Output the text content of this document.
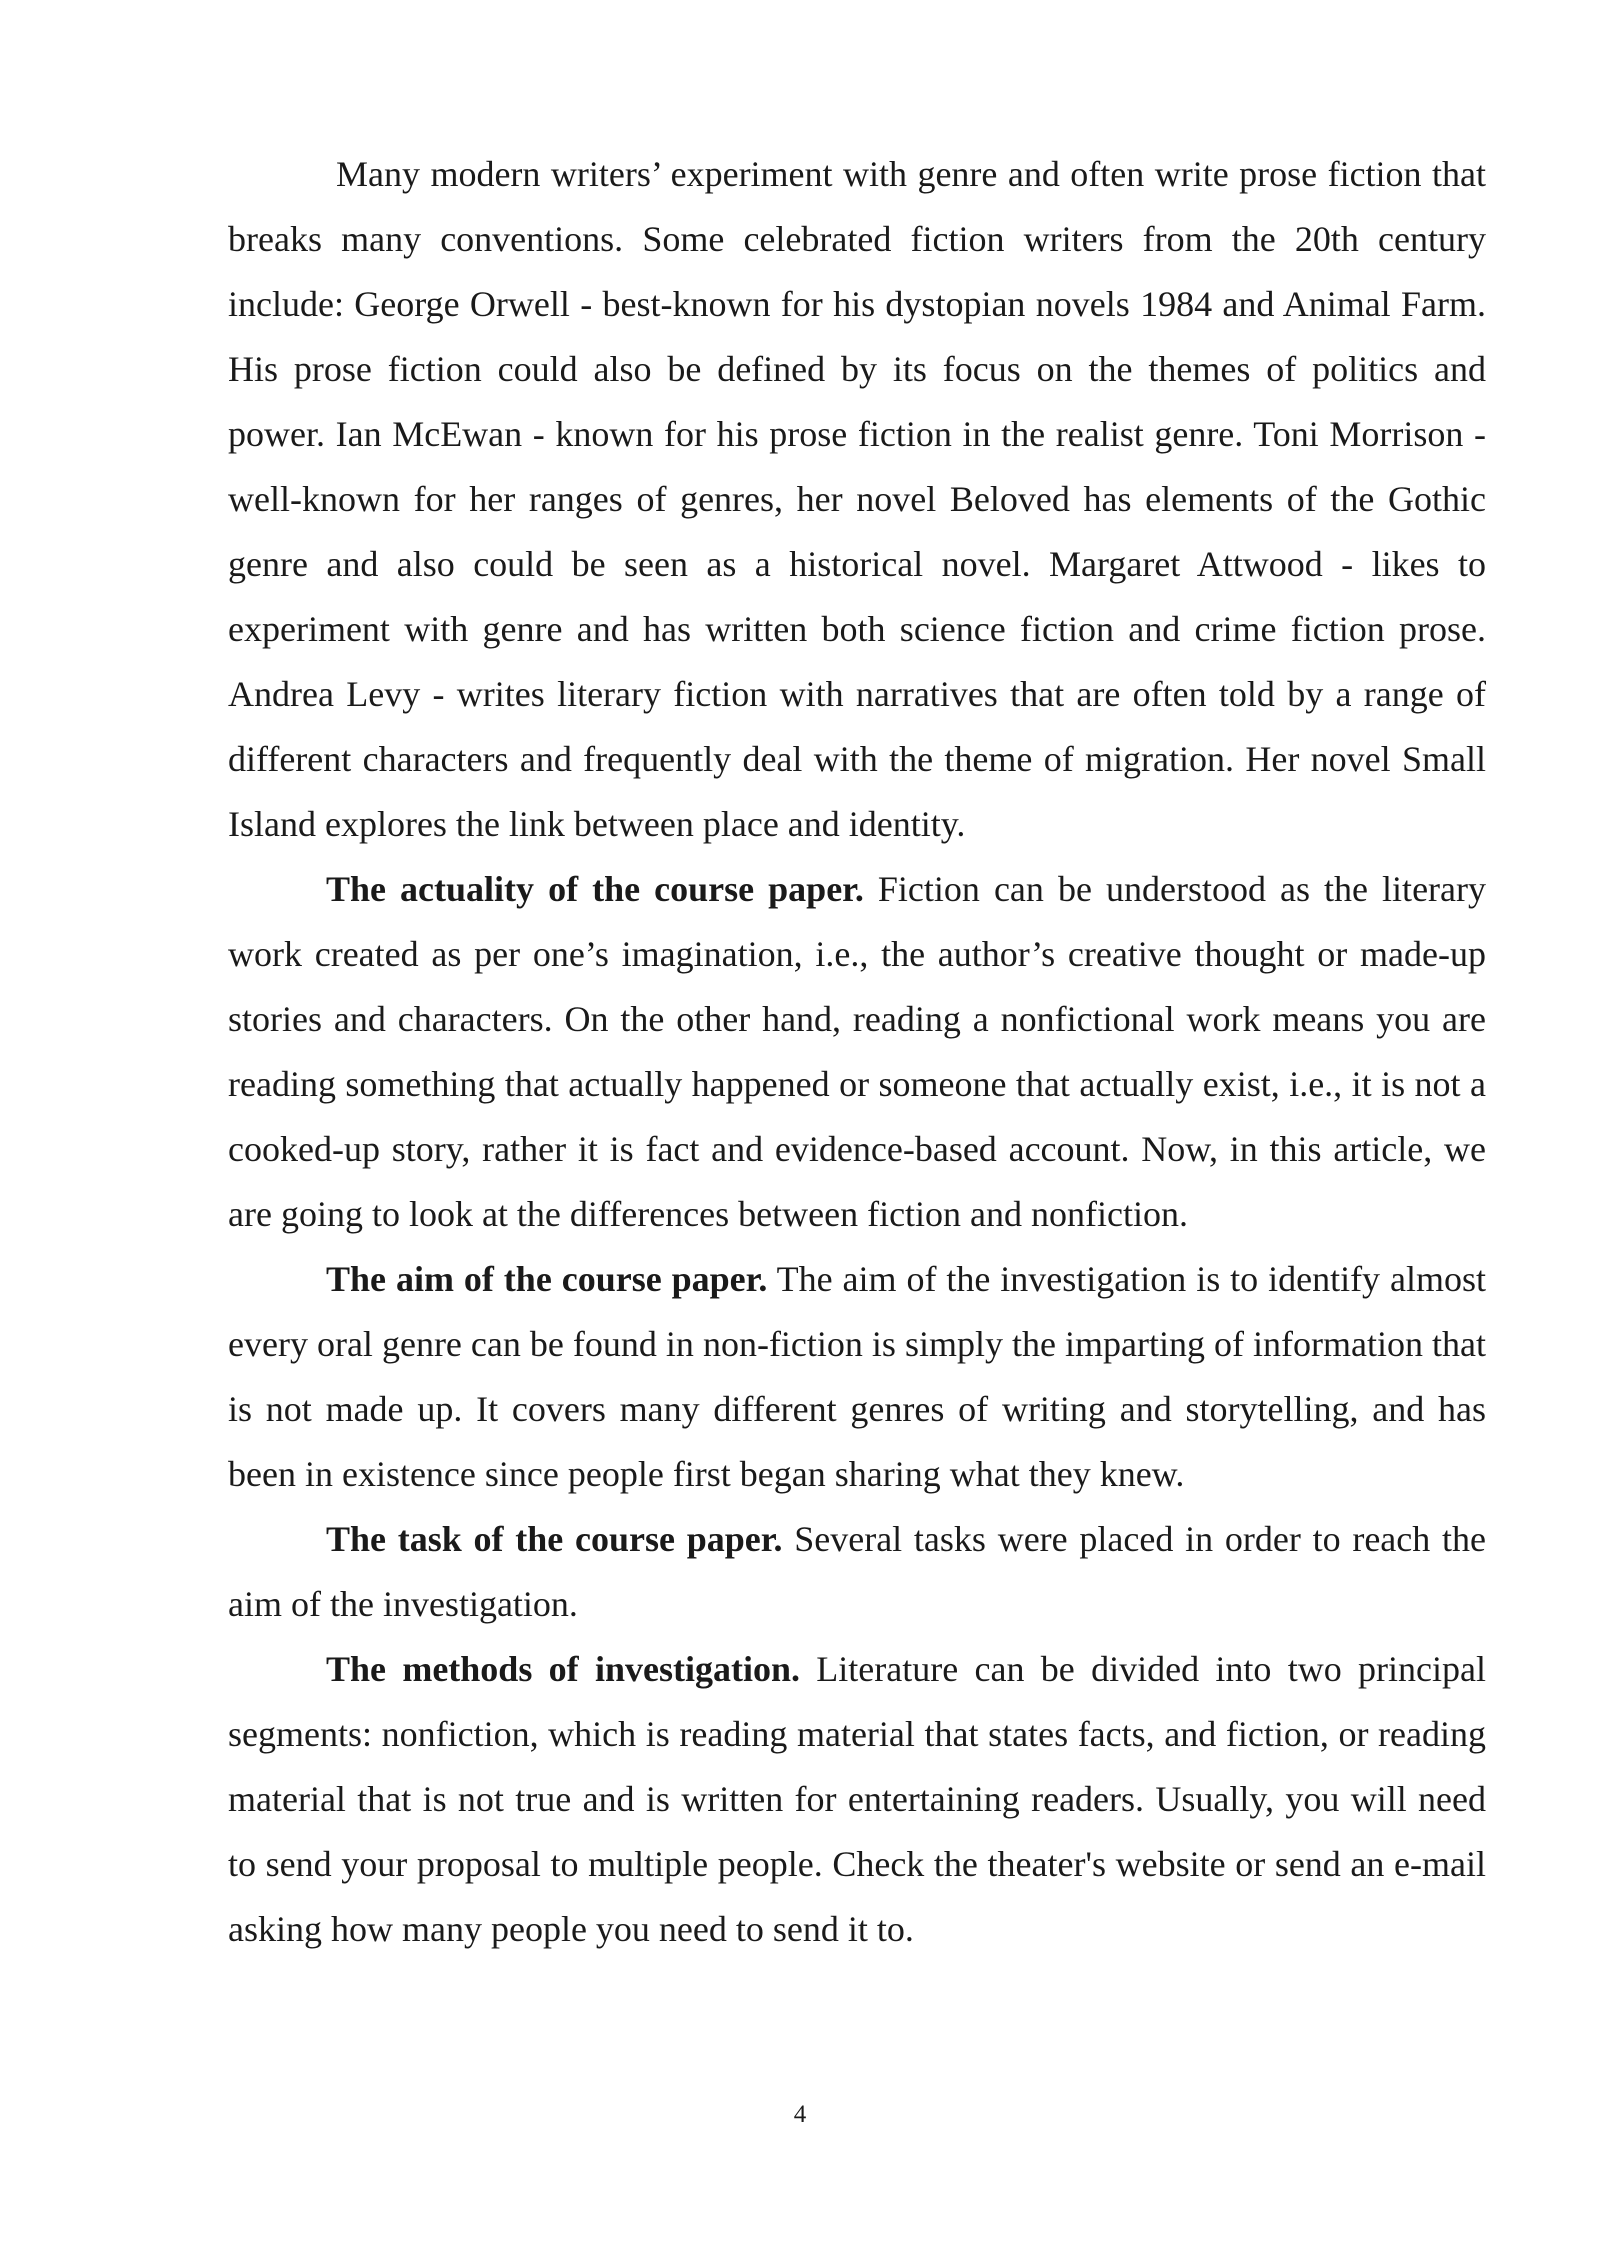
Many modern writers’ experiment with genre and often write prose fiction that breaks many conventions. Some celebrated fiction writers from the 20th century include: George Orwell - best-known for his dystopian novels 1984 and Animal Farm. His prose fiction could also be defined by its focus on the themes of politics and power. Ian McEwan - known for his prose fiction in the realist genre. Toni Morrison - well-known for her ranges of genres, her novel Beloved has elements of the Gothic genre and also could be seen as a historical novel. Margaret Attwood - likes to experiment with genre and has written both science fiction and crime fiction prose. Andrea Levy - writes literary fiction with narratives that are often told by a range of different characters and frequently deal with the theme of migration. Her novel Small Island explores the link between place and identity.

The actuality of the course paper. Fiction can be understood as the literary work created as per one’s imagination, i.e., the author’s creative thought or made-up stories and characters. On the other hand, reading a nonfictional work means you are reading something that actually happened or someone that actually exist, i.e., it is not a cooked-up story, rather it is fact and evidence-based account. Now, in this article, we are going to look at the differences between fiction and nonfiction.

The aim of the course paper. The aim of the investigation is to identify almost every oral genre can be found in non-fiction is simply the imparting of information that is not made up. It covers many different genres of writing and storytelling, and has been in existence since people first began sharing what they knew.

The task of the course paper. Several tasks were placed in order to reach the aim of the investigation.

The methods of investigation. Literature can be divided into two principal segments: nonfiction, which is reading material that states facts, and fiction, or reading material that is not true and is written for entertaining readers. Usually, you will need to send your proposal to multiple people. Check the theater's website or send an e-mail asking how many people you need to send it to.

4
